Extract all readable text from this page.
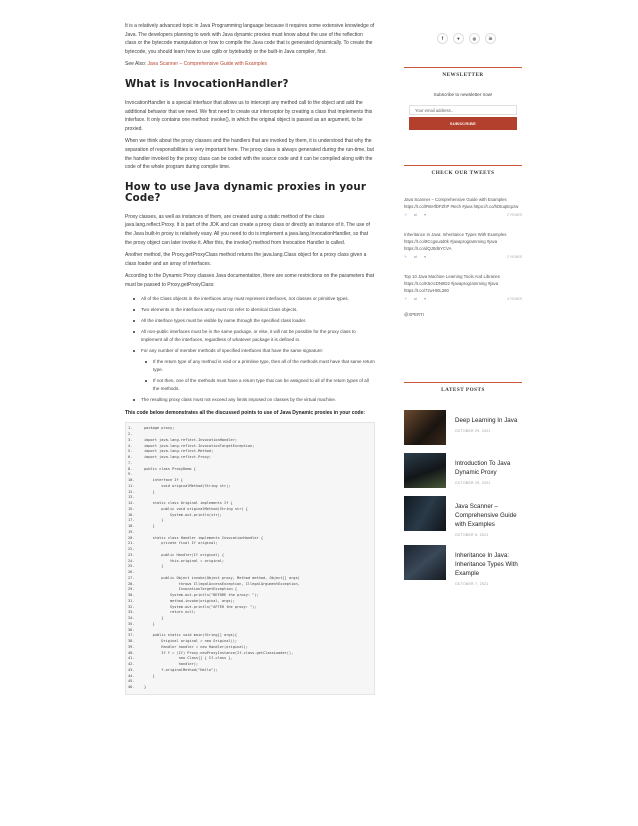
It is a relatively advanced topic in Java Programming language because it requires some extensive knowledge of Java. The developers planning to work with Java dynamic proxies must know about the use of the reflection class or the bytecode manipulation or how to compile the Java code that is generated dynamically. To create the bytecode, you should learn how to use cglib or bytebuddy or the built-in Java compiler, first.

See Also: Java Scanner – Comprehensive Guide with Examples

What is InvocationHandler?

InvocationHandler is a special interface that allows us to intercept any method call to the object and add the additional behavior that we need. We first need to create our interceptor by creating a class that implements this interface. It only contains one method: invoke(), in which the original object is passed as an argument, to be proxied.

When we think about the proxy classes and the handlers that are invoked by them, it is understood that why the separation of responsibilities is very important here. The proxy class is always generated during the run-time, but the handler invoked by the proxy class can be coded with the source code and it can be compiled along with the code of the whole program during compile time.

How to use Java dynamic proxies in your Code?

Proxy classes, as well as instances of them, are created using a static method of the class java.lang.reflect.Proxy. It is part of the JDK and can create a proxy class or directly an instance of it. The use of the Java built-in proxy is relatively easy. All you need to do is implement a java.lang.InvocationHandler, so that the proxy object can later invoke it. After this, the invoke() method from Invocation Handler is called.

Another method, the Proxy.getProxyClass method returns the java.lang.Class object for a proxy class given a class loader and an array of interfaces.

According to the Dynamic Proxy classes Java documentation, there are some restrictions on the parameters that must be passed to Proxy.getProxyClass:

All of the Class objects in the interfaces array must represent interfaces, not classes or primitive types.
Two elements in the interfaces array must not refer to identical Class objects.
All the interface types must be visible by name through the specified class loader.
All non-public interfaces must be in the same package, or else, it will not be possible for the proxy class to implement all of the interfaces, regardless of whatever package it is defined in.
For any number of member methods of specified interfaces that have the same signature:
If the return type of any method is void or a primitive type, then all of the methods must have that same return type.
If not then, one of the methods must have a return type that can be assigned to all of the return types of all the methods.
The resulting proxy class must not exceed any limits imposed on classes by the virtual machine.

This code below demonstrates all the discussed points to use of Java Dynamic proxies in your code:

1.	package proxy;
2.
3.	import java.lang.reflect.InvocationHandler;
4.	import java.lang.reflect.InvocationTargetException;
5.	import java.lang.reflect.Method;
6.	import java.lang.reflect.Proxy;
7.
8.	public class ProxyDemo {
9.
10.	interface If {
11.	void originalMethod(String str);
12.	}
13.
14.	static class Original implements If {
15.	public void originalMethod(String str) {
16.	System.out.println(str);
17.	}
18.	}
19.
20.	static class Handler implements InvocationHandler {
21.	private final If original;
22.
23.	public Handler(If original) {
24.	this.original = original;
25.	}
26.
27.	public Object invoke(Object proxy, Method method, Object[] args)
28.	throws IllegalAccessException, IllegalArgumentException,
29.	InvocationTargetException {
30.	System.out.println("BEFORE the proxy: ");
31.	method.invoke(original, args);
32.	System.out.println("AFTER the proxy: ");
33.	return null;
34.	}
35.	}
36.
37.	public static void main(String[] args){
38.	Original original = new Original();
39.	Handler handler = new Handler(original);
40.	If f = (If) Proxy.newProxyInstance(If.class.getClassLoader(),
41.	new Class[] { If.class },
42.	handler);
43.	f.originalMethod("Hallo");
44.	}
45.
46.	}
f	♥	◎	in
NEWSLETTER
Subscribe to newsletter now!
Your email address..
SUBSCRIBE
CHECK OUR TWEETS
Java Scanner – Comprehensive Guide with Examples https://t.co/lR6HfDFZhP #tech #java https://t.co/hDtuq8cpzw
↰ ⇄ ♥	2 YEARS
Inheritance In Java: Inheritance Types With Examples https://t.co/8Ccgsu4d0k #javaprogramming #java https://t.co/dQJ0d6YCVA
↰ ⇄ ♥	2 YEARS
Top 10 Java Machine Learning Tools And Libraries https://t.co/K5cIcDN9D2 #javaprogramming #java https://t.co/7zwHt0L280
↰ ⇄ ♥	4 YEARS
@XPERTI
LATEST POSTS
Deep Learning In Java
OCTOBER 29, 2021
Introduction To Java Dynamic Proxy
OCTOBER 29, 2021
Java Scanner – Comprehensive Guide with Examples
OCTOBER 8, 2021
Inheritance In Java: Inheritance Types With Example
OCTOBER 7, 2021
